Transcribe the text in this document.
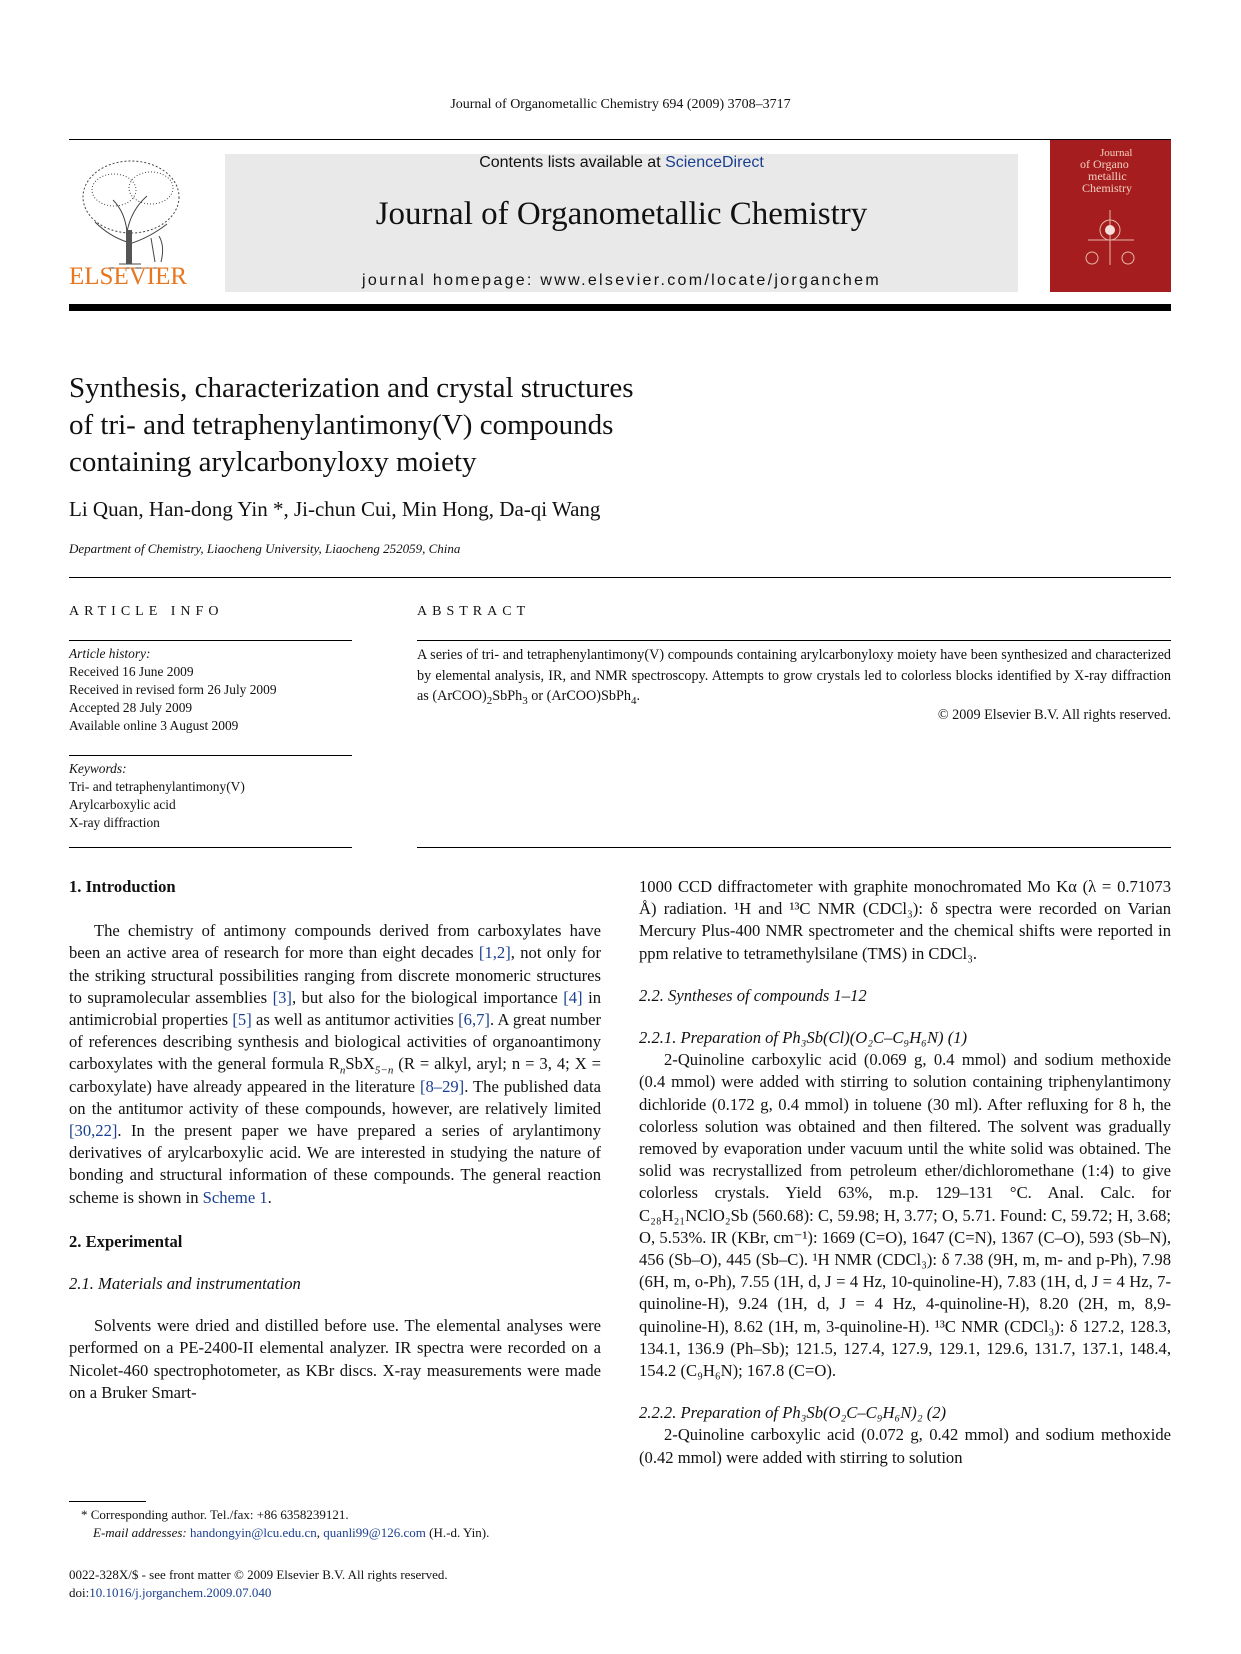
Journal of Organometallic Chemistry 694 (2009) 3708–3717
ELSEVIER
Contents lists available at ScienceDirect
Journal of Organometallic Chemistry
journal homepage: www.elsevier.com/locate/jorganchem
Journal
of Organo
metallic
Chemistry
Synthesis, characterization and crystal structures
of tri- and tetraphenylantimony(V) compounds
containing arylcarbonyloxy moiety
Li Quan, Han-dong Yin *, Ji-chun Cui, Min Hong, Da-qi Wang
Department of Chemistry, Liaocheng University, Liaocheng 252059, China
ARTICLE INFO	ABSTRACT
Article history:
Received 16 June 2009
Received in revised form 26 July 2009
Accepted 28 July 2009
Available online 3 August 2009
Keywords:
Tri- and tetraphenylantimony(V)
Arylcarboxylic acid
X-ray diffraction
A series of tri- and tetraphenylantimony(V) compounds containing arylcarbonyloxy moiety have been synthesized and characterized by elemental analysis, IR, and NMR spectroscopy. Attempts to grow crystals led to colorless blocks identified by X-ray diffraction as $(ArCOO)_2SbPh_3$ or (ArCOO)SbPh$_4$.
© 2009 Elsevier B.V. All rights reserved.

1. Introduction

The chemistry of antimony compounds derived from carboxylates have been an active area of research for more than eight decades [1,2], not only for the striking structural possibilities ranging from discrete monomeric structures to supramolecular assemblies [3], but also for the biological importance [4] in antimicrobial properties [5] as well as antitumor activities [6,7]. A great number of references describing synthesis and biological activities of organoantimony carboxylates with the general formula $R_nSbX_{5-n}$ (R = alkyl, aryl; n = 3, 4; X = carboxylate) have already appeared in the literature [8–29]. The published data on the antitumor activity of these compounds, however, are relatively limited [30,22]. In the present paper we have prepared a series of arylantimony derivatives of arylcarboxylic acid. We are interested in studying the nature of bonding and structural information of these compounds. The general reaction scheme is shown in Scheme 1.

2. Experimental

2.1. Materials and instrumentation

Solvents were dried and distilled before use. The elemental analyses were performed on a PE-2400-II elemental analyzer. IR spectra were recorded on a Nicolet-460 spectrophotometer, as KBr discs. X-ray measurements were made on a Bruker Smart-

1000 CCD diffractometer with graphite monochromated Mo Kα (λ = 0.71073 Å) radiation. ¹H and ¹³C NMR (CDCl₃): δ spectra were recorded on Varian Mercury Plus-400 NMR spectrometer and the chemical shifts were reported in ppm relative to tetramethylsilane (TMS) in CDCl₃.

2.2. Syntheses of compounds 1–12

2.2.1. Preparation of Ph₃Sb(Cl)(O₂C–C₉H₆N) (1)

2-Quinoline carboxylic acid (0.069 g, 0.4 mmol) and sodium methoxide (0.4 mmol) were added with stirring to solution containing triphenylantimony dichloride (0.172 g, 0.4 mmol) in toluene (30 ml). After refluxing for 8 h, the colorless solution was obtained and then filtered. The solvent was gradually removed by evaporation under vacuum until the white solid was obtained. The solid was recrystallized from petroleum ether/dichloromethane (1:4) to give colorless crystals. Yield 63%, m.p. 129–131 °C. Anal. Calc. for C₂₈H₂₁NClO₂Sb (560.68): C, 59.98; H, 3.77; O, 5.71. Found: C, 59.72; H, 3.68; O, 5.53%. IR (KBr, cm⁻¹): 1669 (C=O), 1647 (C=N), 1367 (C–O), 593 (Sb–N), 456 (Sb–O), 445 (Sb–C). ¹H NMR (CDCl₃): δ 7.38 (9H, m, m- and p-Ph), 7.98 (6H, m, o-Ph), 7.55 (1H, d, J = 4 Hz, 10-quinoline-H), 7.83 (1H, d, J = 4 Hz, 7-quinoline-H), 9.24 (1H, d, J = 4 Hz, 4-quinoline-H), 8.20 (2H, m, 8,9-quinoline-H), 8.62 (1H, m, 3-quinoline-H). ¹³C NMR (CDCl₃): δ 127.2, 128.3, 134.1, 136.9 (Ph–Sb); 121.5, 127.4, 127.9, 129.1, 129.6, 131.7, 137.1, 148.4, 154.2 (C₉H₆N); 167.8 (C=O).

2.2.2. Preparation of Ph₃Sb(O₂C–C₉H₆N)₂ (2)

2-Quinoline carboxylic acid (0.072 g, 0.42 mmol) and sodium methoxide (0.42 mmol) were added with stirring to solution

* Corresponding author. Tel./fax: +86 6358239121.
E-mail addresses: handongyin@lcu.edu.cn, quanli99@126.com (H.-d. Yin).
0022-328X/$ - see front matter © 2009 Elsevier B.V. All rights reserved.
doi:10.1016/j.jorganchem.2009.07.040
